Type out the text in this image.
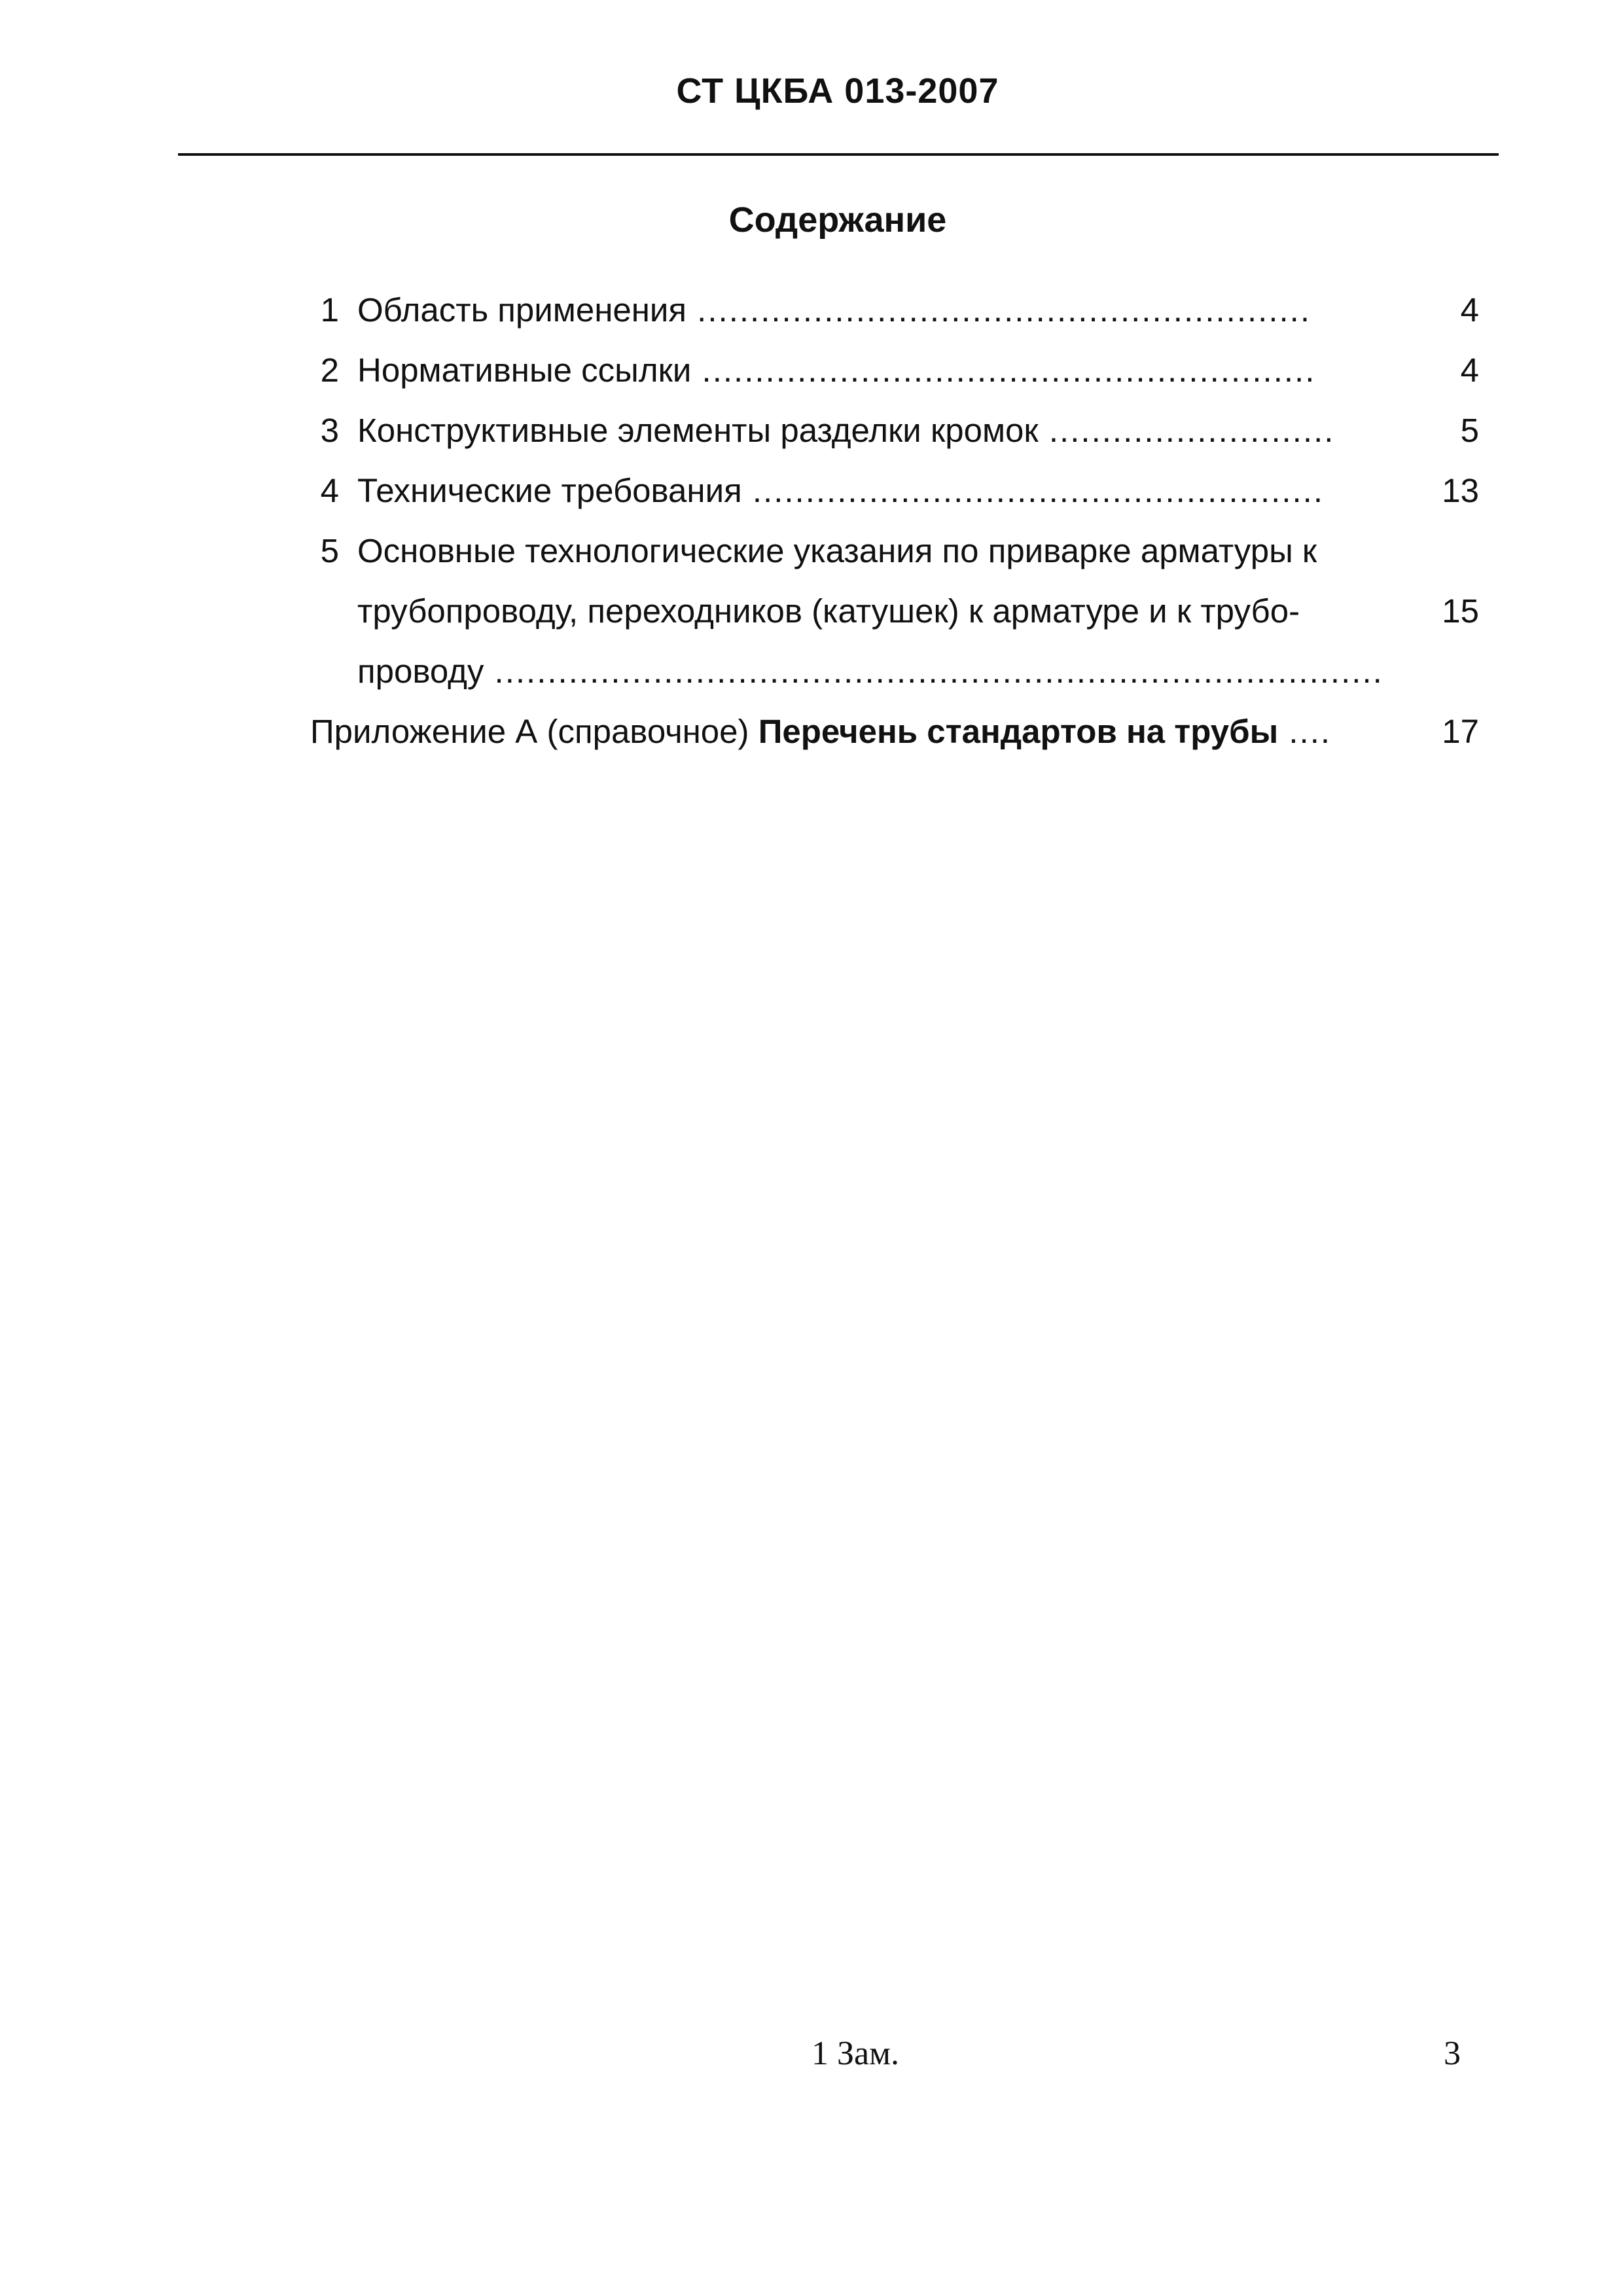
СТ ЦКБА 013-2007
Содержание
1 Область применения ..........................................................	4
2 Нормативные ссылки ..........................................................	4
3 Конструктивные элементы разделки кромок ...........................	5
4 Технические требования ......................................................	13
5 Основные технологические указания по приварке арматуры к
трубопроводу, переходников (катушек) к арматуре и к трубо-
проводу ....................................................................................
15
Приложение А (справочное) Перечень стандартов на трубы ....	17
1 Зам.	3
